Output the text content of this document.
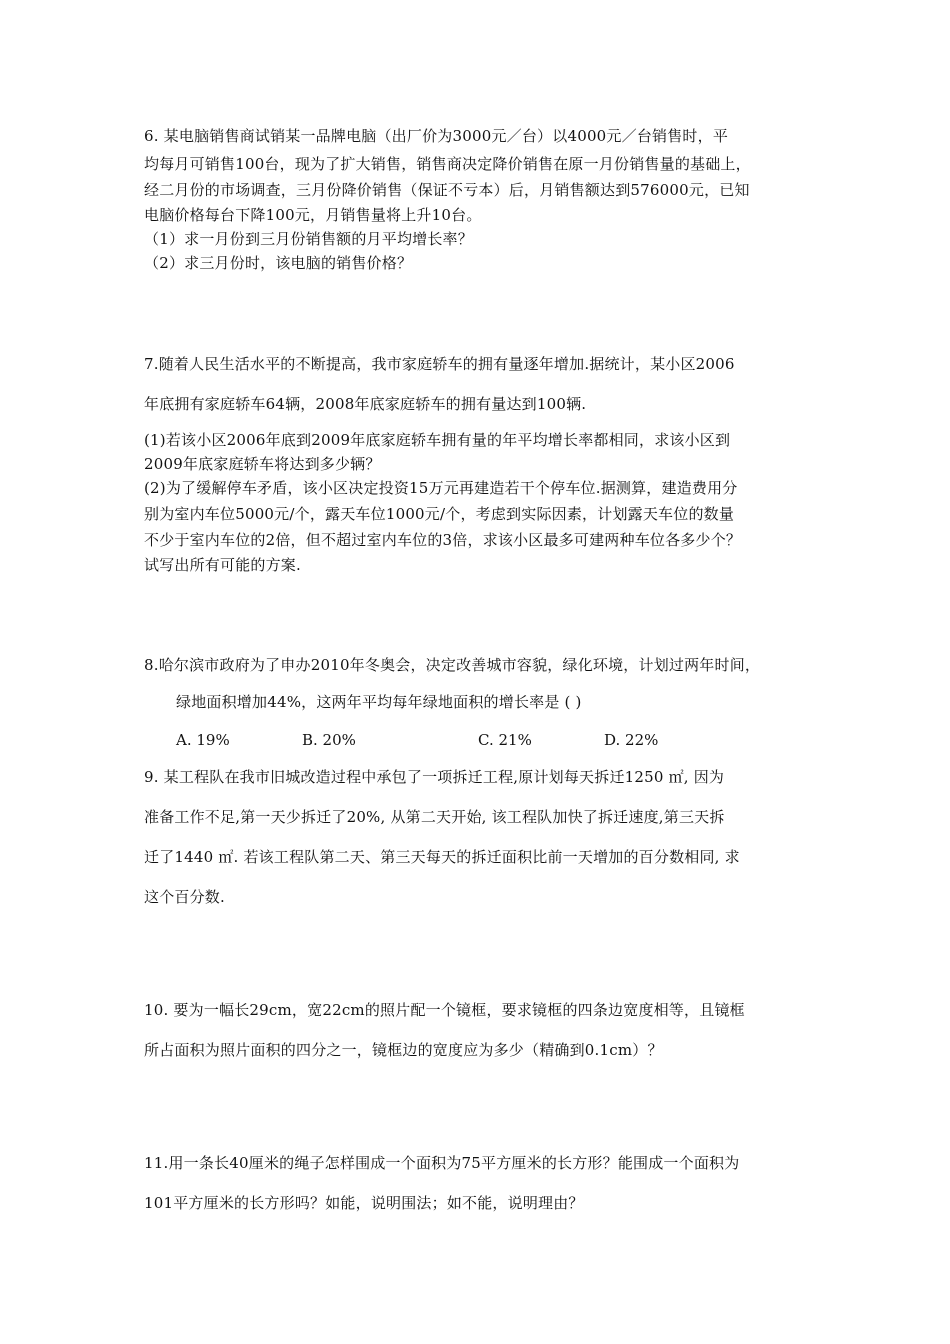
6. 某电脑销售商试销某一品牌电脑（出厂价为3000元／台）以4000元／台销售时，平
均每月可销售100台，现为了扩大销售，销售商决定降价销售在原一月份销售量的基础上，
经二月份的市场调查，三月份降价销售（保证不亏本）后，月销售额达到576000元，已知
电脑价格每台下降100元，月销售量将上升10台。
（1）求一月份到三月份销售额的月平均增长率？
（2）求三月份时，该电脑的销售价格？
7.随着人民生活水平的不断提高，我市家庭轿车的拥有量逐年增加.据统计，某小区2006
年底拥有家庭轿车64辆，2008年底家庭轿车的拥有量达到100辆.
(1)若该小区2006年底到2009年底家庭轿车拥有量的年平均增长率都相同，求该小区到
2009年底家庭轿车将达到多少辆？
(2)为了缓解停车矛盾，该小区决定投资15万元再建造若干个停车位.据测算，建造费用分
别为室内车位5000元/个，露天车位1000元/个，考虑到实际因素，计划露天车位的数量
不少于室内车位的2倍，但不超过室内车位的3倍，求该小区最多可建两种车位各多少个？
试写出所有可能的方案.
8.哈尔滨市政府为了申办2010年冬奥会，决定改善城市容貌，绿化环境，计划过两年时间，
绿地面积增加44%，这两年平均每年绿地面积的增长率是 ( )
A. 19%	B. 20%	C. 21%	D. 22%
9. 某工程队在我市旧城改造过程中承包了一项拆迁工程,原计划每天拆迁1250 ㎡, 因为
准备工作不足,第一天少拆迁了20%, 从第二天开始, 该工程队加快了拆迁速度,第三天拆
迁了1440 ㎡. 若该工程队第二天、第三天每天的拆迁面积比前一天增加的百分数相同, 求
这个百分数.
10. 要为一幅长29cm，宽22cm的照片配一个镜框，要求镜框的四条边宽度相等，且镜框
所占面积为照片面积的四分之一，镜框边的宽度应为多少（精确到0.1cm）？
11.用一条长40厘米的绳子怎样围成一个面积为75平方厘米的长方形？能围成一个面积为
101平方厘米的长方形吗？如能，说明围法；如不能，说明理由？
